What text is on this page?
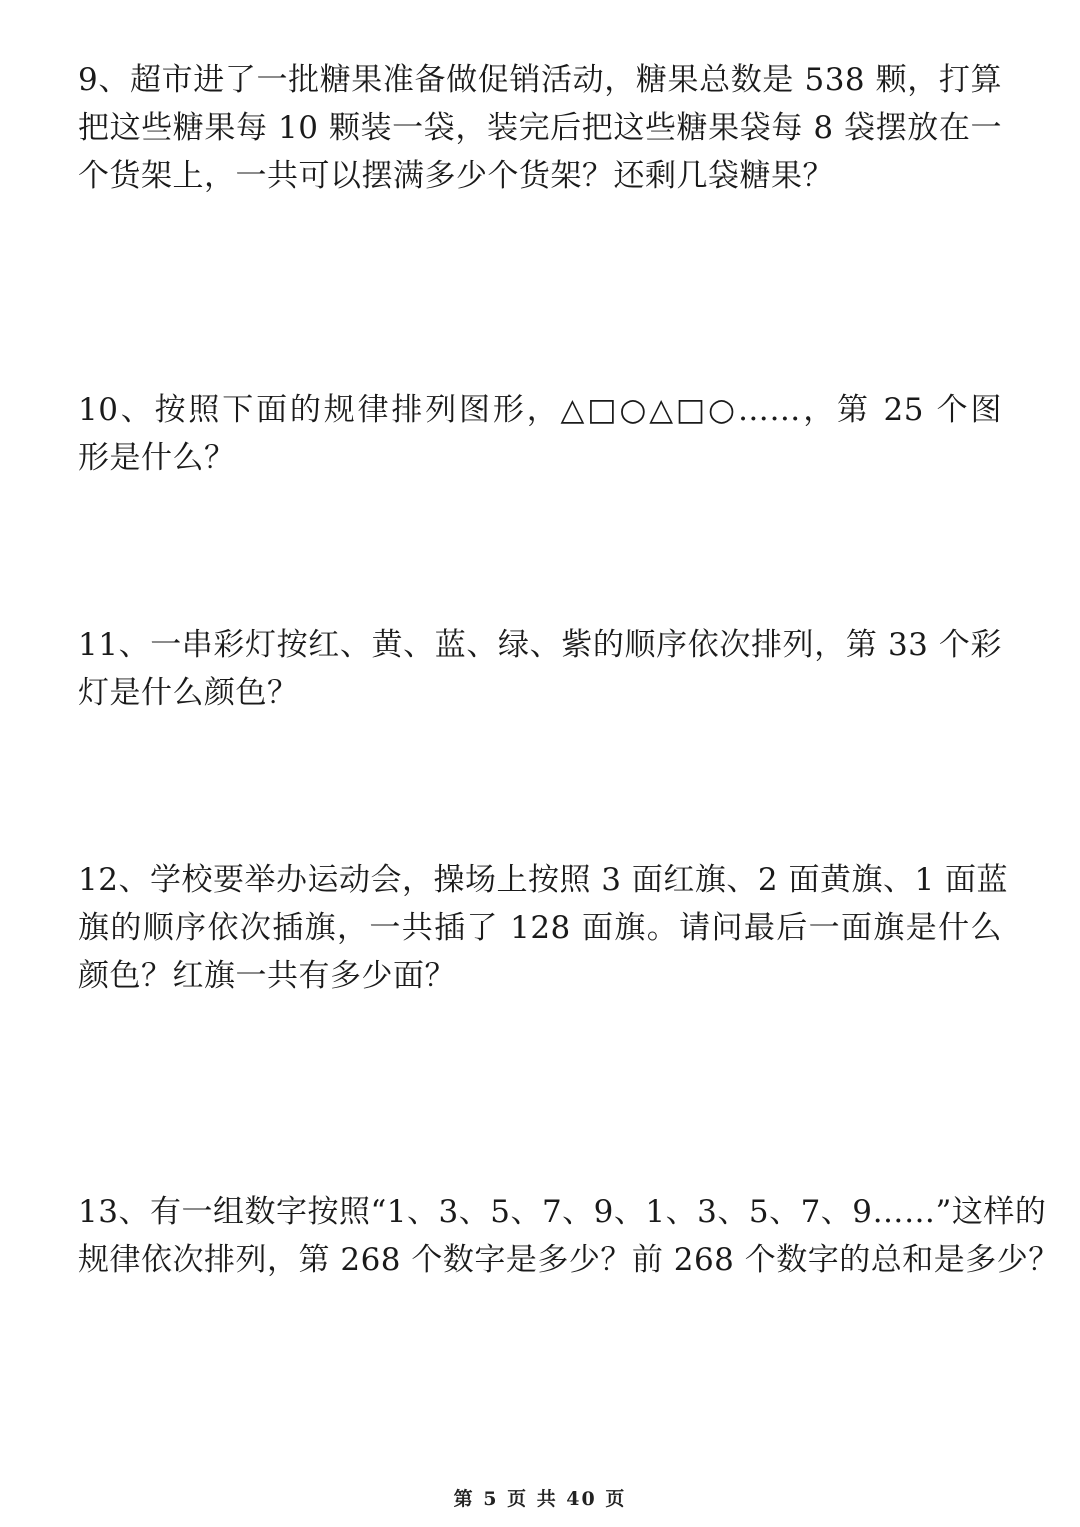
9、超市进了一批糖果准备做促销活动，糖果总数是 538 颗，打算
把这些糖果每 10 颗装一袋，装完后把这些糖果袋每 8 袋摆放在一
个货架上，一共可以摆满多少个货架？还剩几袋糖果？
10、按照下面的规律排列图形，△□○△□○……，第 25 个图
形是什么？
11、一串彩灯按红、黄、蓝、绿、紫的顺序依次排列，第 33 个彩
灯是什么颜色？
12、学校要举办运动会，操场上按照 3 面红旗、2 面黄旗、1 面蓝
旗的顺序依次插旗，一共插了 128 面旗。请问最后一面旗是什么
颜色？红旗一共有多少面？
13、有一组数字按照“1、3、5、7、9、1、3、5、7、9……”这样的
规律依次排列，第 268 个数字是多少？前 268 个数字的总和是多少？
第 5 页 共 40 页
